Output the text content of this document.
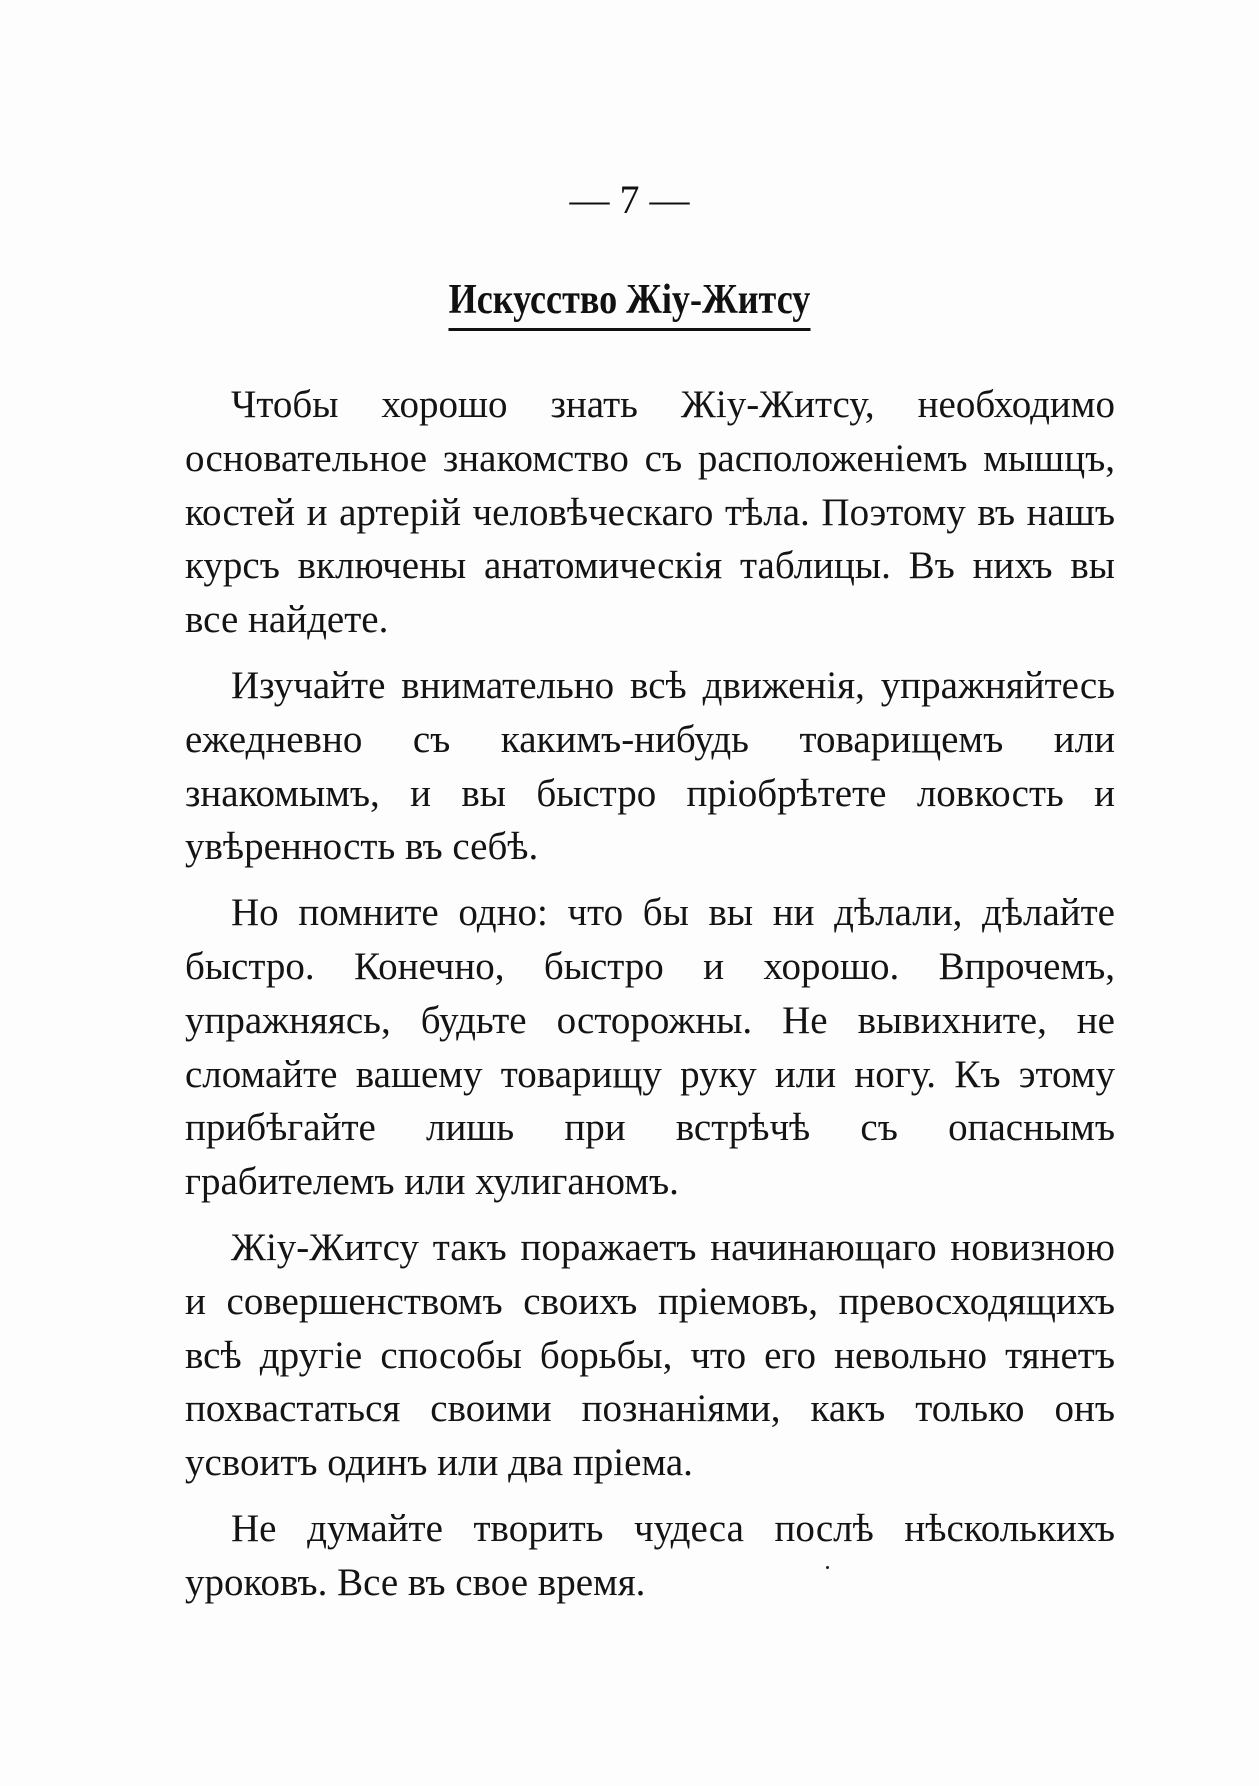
— 7 —
Искусство Жіу-Житсу

Чтобы хорошо знать Жіу-Житсу, необходимо основательное знакомство съ расположеніемъ мышцъ, костей и артерій человѣческаго тѣла. Поэтому въ нашъ курсъ включены анатомическія таблицы. Въ нихъ вы все найдете.

Изучайте внимательно всѣ движенія, упражняйтесь ежедневно съ какимъ-нибудь товарищемъ или знакомымъ, и вы быстро пріобрѣтете ловкость и увѣренность въ себѣ.

Но помните одно: что бы вы ни дѣлали, дѣлайте быстро. Конечно, быстро и хорошо. Впрочемъ, упражняясь, будьте осторожны. Не вывихните, не сломайте вашему товарищу руку или ногу. Къ этому прибѣгайте лишь при встрѣчѣ съ опаснымъ грабителемъ или хулиганомъ.

Жіу-Житсу такъ поражаетъ начинающаго новизною и совершенствомъ своихъ пріемовъ, превосходящихъ всѣ другіе способы борьбы, что его невольно тянетъ похвастаться своими познаніями, какъ только онъ усвоитъ одинъ или два пріема.

Не думайте творить чудеса послѣ нѣсколькихъ уроковъ. Все въ свое время.
